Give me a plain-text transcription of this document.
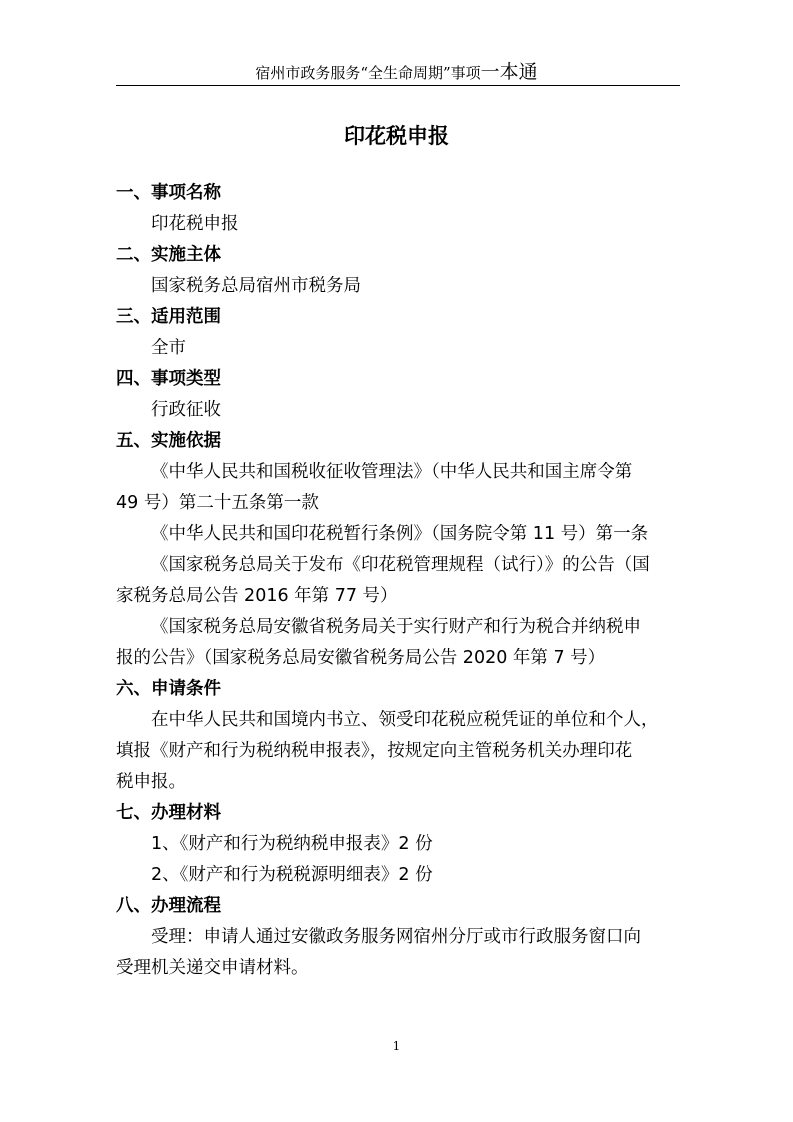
宿州市政务服务“全生命周期”事项一本通
印花税申报
一、事项名称
印花税申报
二、实施主体
国家税务总局宿州市税务局
三、适用范围
全市
四、事项类型
行政征收
五、实施依据
《中华人民共和国税收征收管理法》（中华人民共和国主席令第
49 号）第二十五条第一款
《中华人民共和国印花税暂行条例》（国务院令第 11 号）第一条
《国家税务总局关于发布《印花税管理规程（试行）》的公告（国
家税务总局公告 2016 年第 77 号）
《国家税务总局安徽省税务局关于实行财产和行为税合并纳税申
报的公告》（国家税务总局安徽省税务局公告 2020 年第 7 号）
六、申请条件
在中华人民共和国境内书立、领受印花税应税凭证的单位和个人，
填报《财产和行为税纳税申报表》，按规定向主管税务机关办理印花
税申报。
七、办理材料
1、《财产和行为税纳税申报表》2 份
2、《财产和行为税税源明细表》2 份
八、办理流程
受理：申请人通过安徽政务服务网宿州分厅或市行政服务窗口向
受理机关递交申请材料。
1
